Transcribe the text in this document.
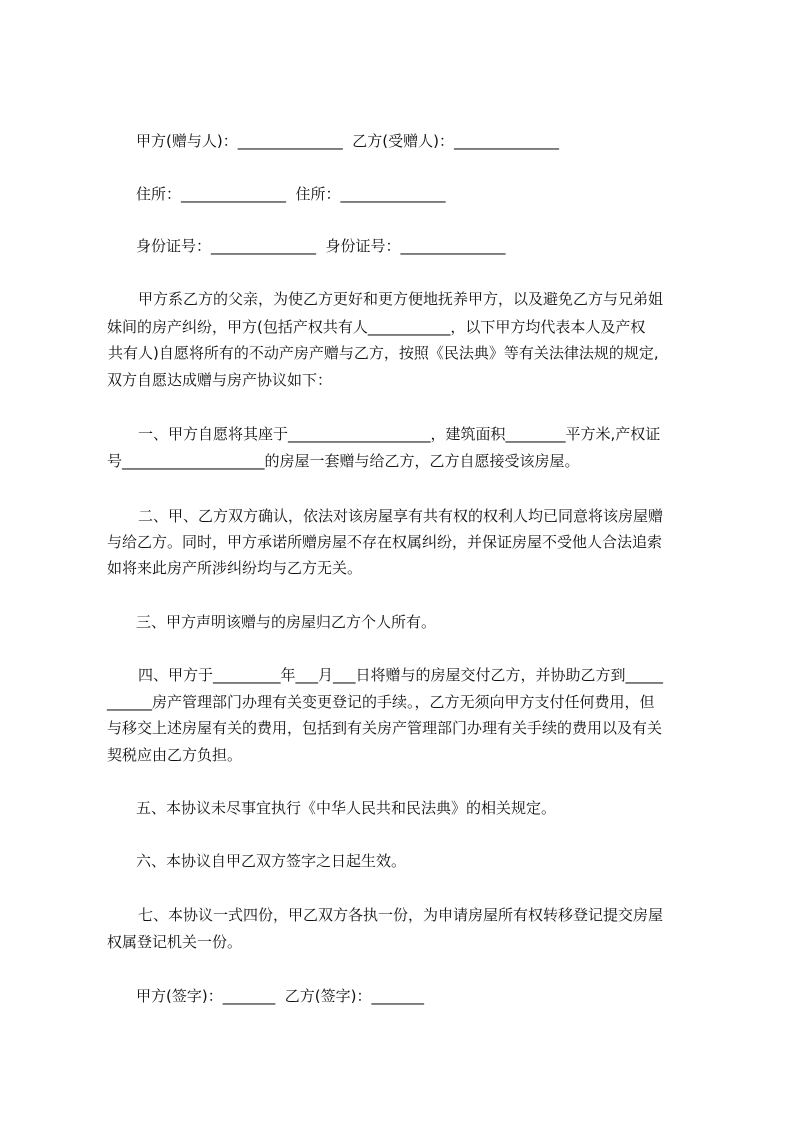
甲方(赠与人)：______________  乙方(受赠人)：______________

住所：______________  住所：______________

身份证号：______________  身份证号：______________

甲方系乙方的父亲，为使乙方更好和更方便地抚养甲方，以及避免乙方与兄弟姐

妹间的房产纠纷，甲方(包括产权共有人___________，以下甲方均代表本人及产权

共有人)自愿将所有的不动产房产赠与乙方，按照《民法典》等有关法律法规的规定,

双方自愿达成赠与房产协议如下：

一、甲方自愿将其座于___________________，建筑面积________平方米,产权证

号___________________的房屋一套赠与给乙方，乙方自愿接受该房屋。

二、甲、乙方双方确认，依法对该房屋享有共有权的权利人均已同意将该房屋赠

与给乙方。同时，甲方承诺所赠房屋不存在权属纠纷，并保证房屋不受他人合法追索

如将来此房产所涉纠纷均与乙方无关。

三、甲方声明该赠与的房屋归乙方个人所有。

四、甲方于_________年___月___日将赠与的房屋交付乙方，并协助乙方到_____

______房产管理部门办理有关变更登记的手续。，乙方无须向甲方支付任何费用，但

与移交上述房屋有关的费用，包括到有关房产管理部门办理有关手续的费用以及有关

契税应由乙方负担。

五、本协议未尽事宜执行《中华人民共和民法典》的相关规定。

六、本协议自甲乙双方签字之日起生效。

七、本协议一式四份，甲乙双方各执一份，为申请房屋所有权转移登记提交房屋

权属登记机关一份。

甲方(签字)：_______  乙方(签字)：_______
